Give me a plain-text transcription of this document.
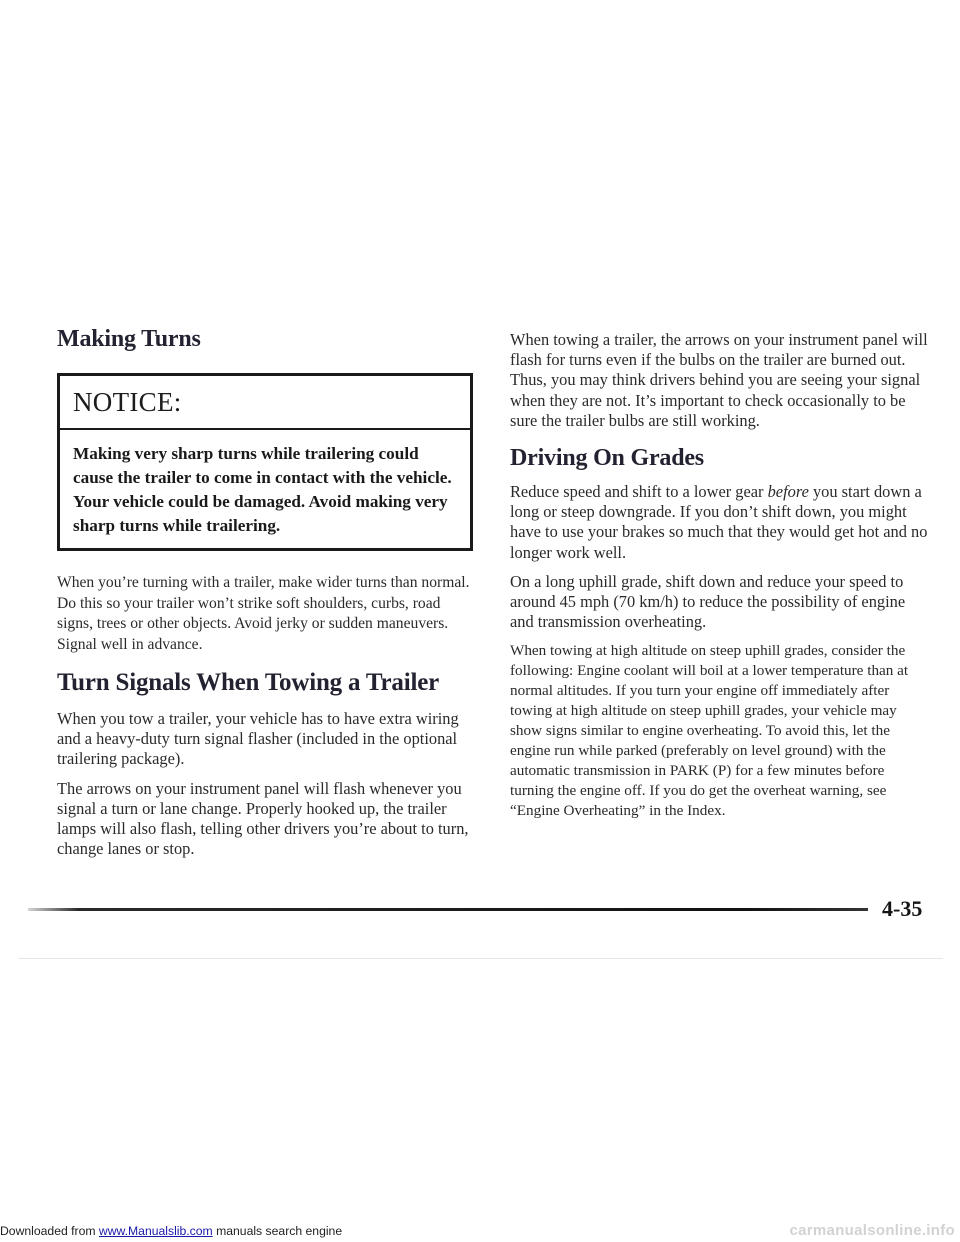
Making Turns
NOTICE:
Making very sharp turns while trailering could cause the trailer to come in contact with the vehicle. Your vehicle could be damaged. Avoid making very sharp turns while trailering.

When you’re turning with a trailer, make wider turns than normal. Do this so your trailer won’t strike soft shoulders, curbs, road signs, trees or other objects. Avoid jerky or sudden maneuvers. Signal well in advance.

Turn Signals When Towing a Trailer

When you tow a trailer, your vehicle has to have extra wiring and a heavy-duty turn signal flasher (included in the optional trailering package).

The arrows on your instrument panel will flash whenever you signal a turn or lane change. Properly hooked up, the trailer lamps will also flash, telling other drivers you’re about to turn, change lanes or stop.

When towing a trailer, the arrows on your instrument panel will flash for turns even if the bulbs on the trailer are burned out. Thus, you may think drivers behind you are seeing your signal when they are not. It’s important to check occasionally to be sure the trailer bulbs are still working.

Driving On Grades

Reduce speed and shift to a lower gear before you start down a long or steep downgrade. If you don’t shift down, you might have to use your brakes so much that they would get hot and no longer work well.

On a long uphill grade, shift down and reduce your speed to around 45 mph (70 km/h) to reduce the possibility of engine and transmission overheating.

When towing at high altitude on steep uphill grades, consider the following: Engine coolant will boil at a lower temperature than at normal altitudes. If you turn your engine off immediately after towing at high altitude on steep uphill grades, your vehicle may show signs similar to engine overheating. To avoid this, let the engine run while parked (preferably on level ground) with the automatic transmission in PARK (P) for a few minutes before turning the engine off. If you do get the overheat warning, see “Engine Overheating” in the Index.

4-35
Downloaded from www.Manualslib.com manuals search engine	carmanualsonline.info
